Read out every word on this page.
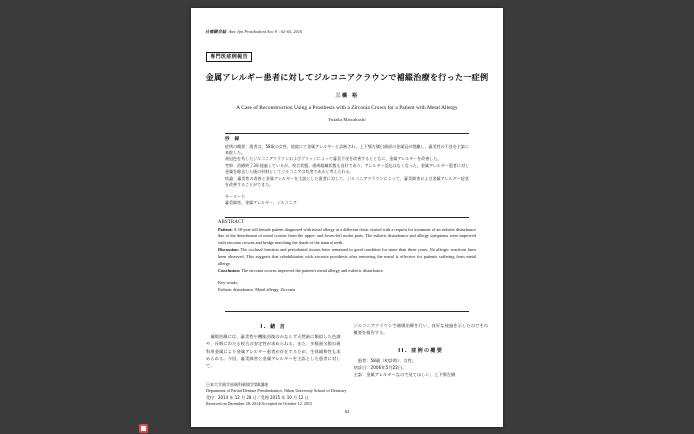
日補綴会誌 Ann Jpn Prosthodont Soc 8 : 62-65, 2016
専門医症例報告
金属アレルギー患者に対してジルコニアクラウンで補綴治療を行った一症例
三橋 裕
A Case of Reconstruction Using a Prosthesis with a Zirconia Crown for a Patient with Metal Allergy
Yutaka Mitsuhashi
抄 録

症例の概要：患者は、58歳の女性。他院にて金属アレルギーと診断され、上下顎左側臼歯部の金属冠が脱離し、審美性の不良を主訴に来院した。

歯冠色を有したジルコニアクラウンおよびブリッジによって審美不良を改善するとともに、金属アレルギーを改善した。

考察：治療終了3年経過しているが、咬合状態、歯周組織状態も良好であり、アレルギー反応はなくなった。金属アレルギー患者に対し金属を除去した後の材料としてジルコニアは有用であると考えられる。

結論：審美性の改善と金属アレルギーを主訴とした患者に対して、ジルコニアクラウンによって、審美障害および金属アレルギー症状を改善することができた。

キーワード

審美障害、金属アレルギー、ジルコニア

ABSTRACT

Patient: A 58-year-old female patient diagnosed with metal allergy at a different clinic visited with a request for treatment of an esthetic disturbance due to the detachment of metal crowns from the upper- and lower-left molar parts. The esthetic disturbance and allergy symptoms were improved with zirconia crowns and bridge matching the shade of the natural teeth.

Discussion: The occlusal function and periodontal tissues have remained in good condition for more than three years. No allergic reactions have been observed. This suggests that rehabilitation with zirconia prosthesis after removing the metal is effective for patients suffering from metal allergy.

Conclusion: The zirconia crowns improved the patient's metal allergy and esthetic disturbance.

Key words:

Esthetic disturbance, Metal allergy, Zirconia

I. 緒 言

補綴治療には、審美性や機能回復のみならず天然歯に類似した色調や、長期にわたる咬合の安定性が求められる。また、多数歯欠損の歯科用金属により金属アレルギー患者が存在するため、生体親和性も求められる。今回、審美障害と金属アレルギーを主訴とした患者に対して、

ジルコニアクラウンで補綴治療を行い、良好な経過を示したのでその概要を報告する。

II. 症例の概要

患者：58歳（初診時）、女性。

初診日：2006年5月22日。

主訴：金属アレルギーなので見てほしい、上下顎左側

日本大学歯学部歯科補綴学第II講座
Department of Partial Denture Prosthodontics, Nihon University School of Dentistry
受付：2014 年 12 月 28 日／受理 2015 年 10 月 12 日
Received on December 28, 2014/Accepted on October 12, 2015
62
